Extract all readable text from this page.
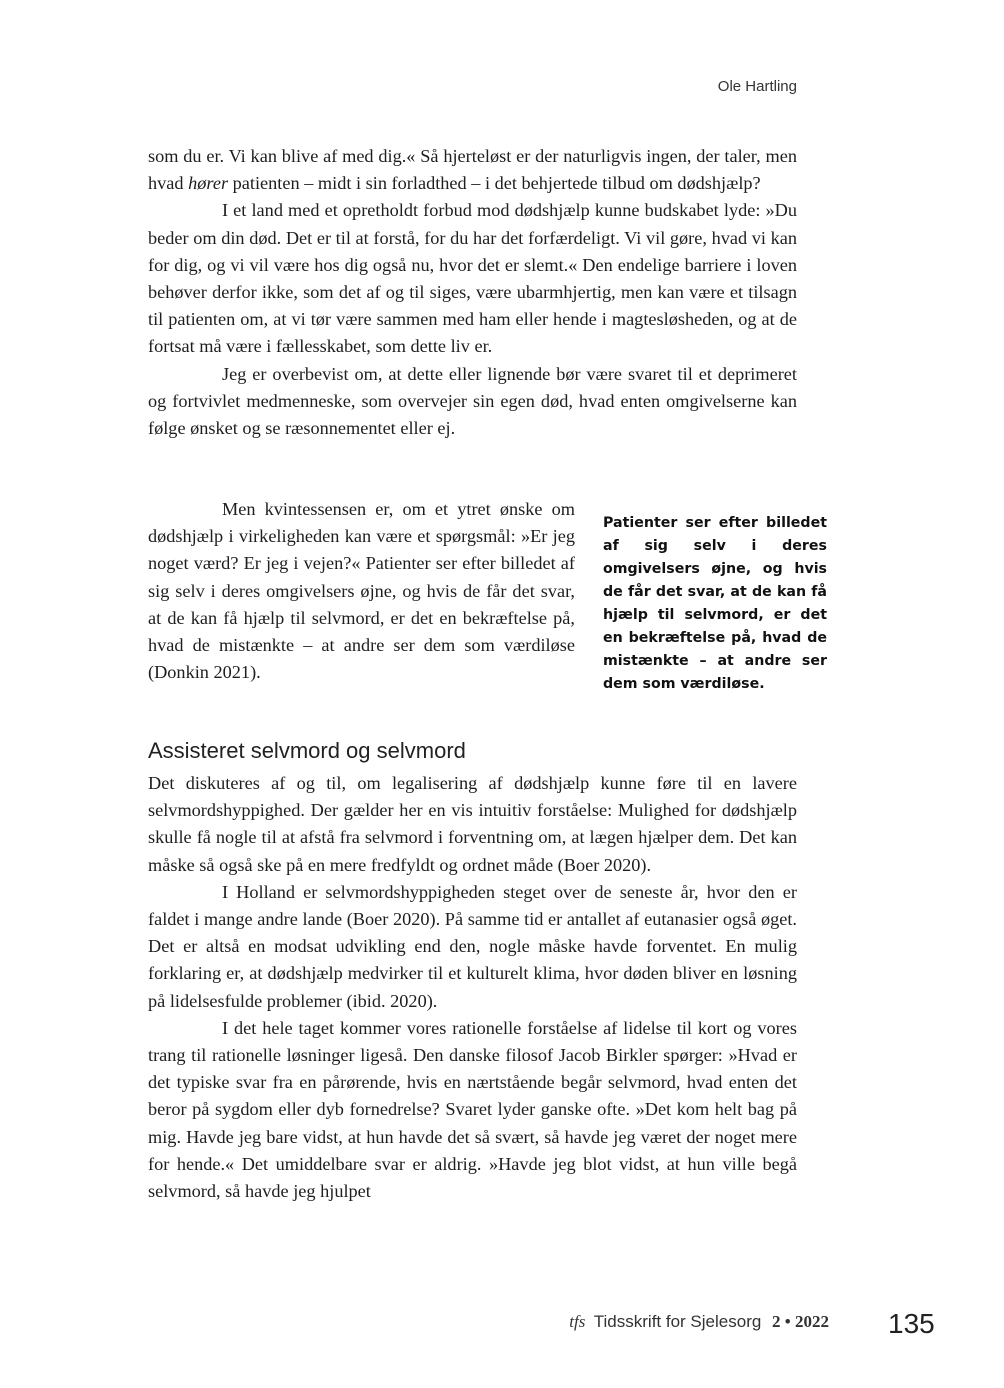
Ole Hartling

som du er. Vi kan blive af med dig.« Så hjerteløst er der naturligvis ingen, der taler, men hvad hører patienten – midt i sin forladthed – i det behjertede tilbud om dødshjælp?

I et land med et opretholdt forbud mod dødshjælp kunne budskabet lyde: »Du beder om din død. Det er til at forstå, for du har det forfærdeligt. Vi vil gøre, hvad vi kan for dig, og vi vil være hos dig også nu, hvor det er slemt.« Den endelige barriere i loven behøver derfor ikke, som det af og til siges, være ubarmhjertig, men kan være et tilsagn til patienten om, at vi tør være sammen med ham eller hende i magtesløsheden, og at de fortsat må være i fællesskabet, som dette liv er.

Jeg er overbevist om, at dette eller lignende bør være svaret til et deprimeret og fortvivlet medmenneske, som overvejer sin egen død, hvad enten omgivelserne kan følge ønsket og se ræsonnementet eller ej.

Men kvintessensen er, om et ytret ønske om dødshjælp i virkeligheden kan være et spørgsmål: »Er jeg noget værd? Er jeg i vejen?« Patienter ser efter billedet af sig selv i deres omgivelsers øjne, og hvis de får det svar, at de kan få hjælp til selvmord, er det en bekræftelse på, hvad de mistænkte – at andre ser dem som værdiløse (Donkin 2021).

Patienter ser efter billedet af sig selv i deres omgivelsers øjne, og hvis de får det svar, at de kan få hjælp til selvmord, er det en bekræftelse på, hvad de mistænkte – at andre ser dem som værdiløse.

Assisteret selvmord og selvmord

Det diskuteres af og til, om legalisering af dødshjælp kunne føre til en lavere selvmordshyppighed. Der gælder her en vis intuitiv forståelse: Mulighed for dødshjælp skulle få nogle til at afstå fra selvmord i forventning om, at lægen hjælper dem. Det kan måske så også ske på en mere fredfyldt og ordnet måde (Boer 2020).

I Holland er selvmordshyppigheden steget over de seneste år, hvor den er faldet i mange andre lande (Boer 2020). På samme tid er antallet af eutanasier også øget. Det er altså en modsat udvikling end den, nogle måske havde forventet. En mulig forklaring er, at dødshjælp medvirker til et kulturelt klima, hvor døden bliver en løsning på lidelsesfulde problemer (ibid. 2020).

I det hele taget kommer vores rationelle forståelse af lidelse til kort og vores trang til rationelle løsninger ligeså. Den danske filosof Jacob Birkler spørger: »Hvad er det typiske svar fra en pårørende, hvis en nærtstående begår selvmord, hvad enten det beror på sygdom eller dyb fornedrelse? Svaret lyder ganske ofte. »Det kom helt bag på mig. Havde jeg bare vidst, at hun havde det så svært, så havde jeg været der noget mere for hende.« Det umiddelbare svar er aldrig. »Havde jeg blot vidst, at hun ville begå selvmord, så havde jeg hjulpet

tfs Tidsskrift for Sjelesorg 2 • 2022 135
